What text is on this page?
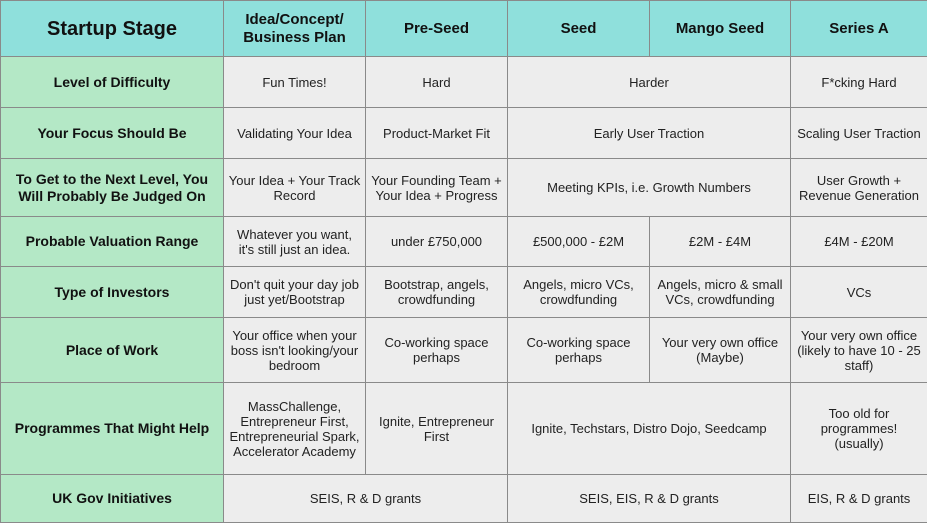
Startup Stage	Idea/Concept/ Business Plan	Pre-Seed	Seed	Mango Seed	Series A
Level of Difficulty	Fun Times!	Hard	Harder		F*cking Hard
Your Focus Should Be	Validating Your Idea	Product-Market Fit	Early User Traction		Scaling User Traction
To Get to the Next Level, You Will Probably Be Judged On	Your Idea + Your Track Record	Your Founding Team + Your Idea + Progress	Meeting KPIs, i.e. Growth Numbers		User Growth + Revenue Generation
Probable Valuation Range	Whatever you want, it's still just an idea.	under £750,000	£500,000 - £2M	£2M - £4M	£4M - £20M
Type of Investors	Don't quit your day job just yet/Bootstrap	Bootstrap, angels, crowdfunding	Angels, micro VCs, crowdfunding	Angels, micro & small VCs, crowdfunding	VCs
Place of Work	Your office when your boss isn't looking/your bedroom	Co-working space perhaps	Co-working space perhaps	Your very own office (Maybe)	Your very own office (likely to have 10 - 25 staff)
Programmes That Might Help	MassChallenge, Entrepreneur First, Entrepreneurial Spark, Accelerator Academy	Ignite, Entrepreneur First	Ignite, Techstars, Distro Dojo, Seedcamp		Too old for programmes! (usually)
UK Gov Initiatives	SEIS, R & D grants		SEIS, EIS, R & D grants		EIS, R & D grants
